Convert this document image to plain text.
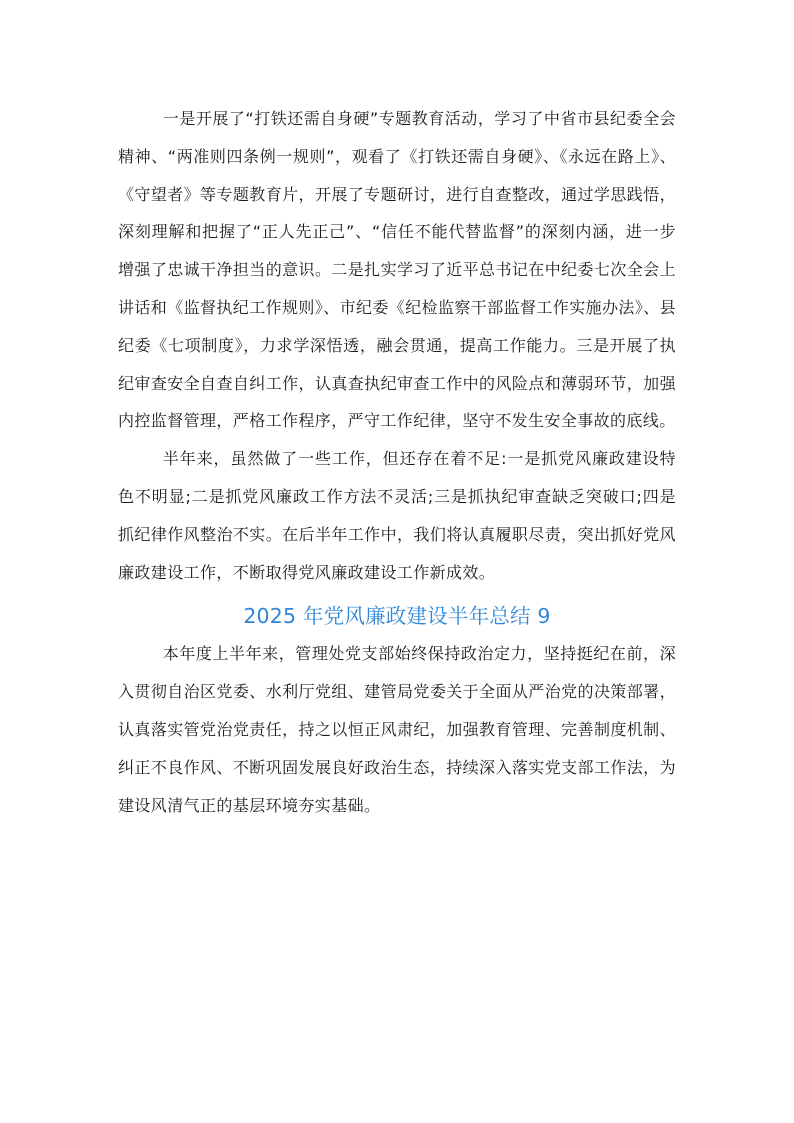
一是开展了“打铁还需自身硬”专题教育活动，学习了中省市县纪委全会精神、“两准则四条例一规则”，观看了《打铁还需自身硬》、《永远在路上》、《守望者》等专题教育片，开展了专题研讨，进行自查整改，通过学思践悟，深刻理解和把握了“正人先正己”、“信任不能代替监督”的深刻内涵，进一步增强了忠诚干净担当的意识。二是扎实学习了近平总书记在中纪委七次全会上讲话和《监督执纪工作规则》、市纪委《纪检监察干部监督工作实施办法》、县纪委《七项制度》，力求学深悟透，融会贯通，提高工作能力。三是开展了执纪审查安全自查自纠工作，认真查执纪审查工作中的风险点和薄弱环节，加强内控监督管理，严格工作程序，严守工作纪律，坚守不发生安全事故的底线。

半年来，虽然做了一些工作，但还存在着不足:一是抓党风廉政建设特色不明显;二是抓党风廉政工作方法不灵活;三是抓执纪审查缺乏突破口;四是抓纪律作风整治不实。在后半年工作中，我们将认真履职尽责，突出抓好党风廉政建设工作，不断取得党风廉政建设工作新成效。

2025 年党风廉政建设半年总结 9

本年度上半年来，管理处党支部始终保持政治定力，坚持挺纪在前，深入贯彻自治区党委、水利厅党组、建管局党委关于全面从严治党的决策部署，认真落实管党治党责任，持之以恒正风肃纪，加强教育管理、完善制度机制、纠正不良作风、不断巩固发展良好政治生态，持续深入落实党支部工作法，为建设风清气正的基层环境夯实基础。
